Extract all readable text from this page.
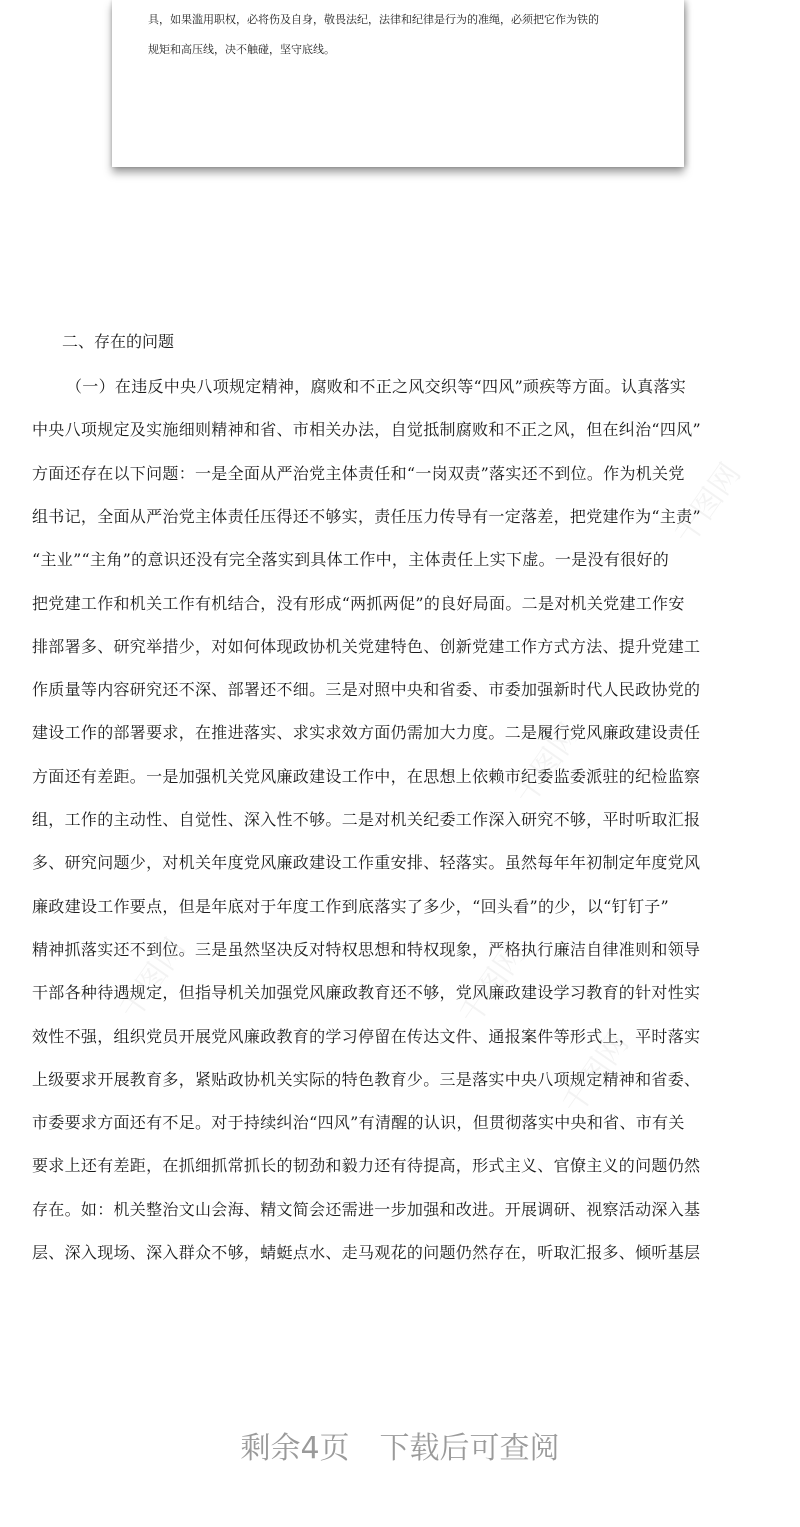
具，如果滥用职权，必将伤及自身，敬畏法纪，法律和纪律是行为的准绳，必须把它作为铁的
规矩和高压线，决不触碰，坚守底线。
二、存在的问题
（一）在违反中央八项规定精神，腐败和不正之风交织等“四风”顽疾等方面。认真落实
中央八项规定及实施细则精神和省、市相关办法，自觉抵制腐败和不正之风，但在纠治“四风”
方面还存在以下问题：一是全面从严治党主体责任和“一岗双责”落实还不到位。作为机关党
组书记，全面从严治党主体责任压得还不够实，责任压力传导有一定落差，把党建作为“主责”
“主业”“主角”的意识还没有完全落实到具体工作中，主体责任上实下虚。一是没有很好的
把党建工作和机关工作有机结合，没有形成“两抓两促”的良好局面。二是对机关党建工作安
排部署多、研究举措少，对如何体现政协机关党建特色、创新党建工作方式方法、提升党建工
作质量等内容研究还不深、部署还不细。三是对照中央和省委、市委加强新时代人民政协党的
建设工作的部署要求，在推进落实、求实求效方面仍需加大力度。二是履行党风廉政建设责任
方面还有差距。一是加强机关党风廉政建设工作中，在思想上依赖市纪委监委派驻的纪检监察
组，工作的主动性、自觉性、深入性不够。二是对机关纪委工作深入研究不够，平时听取汇报
多、研究问题少，对机关年度党风廉政建设工作重安排、轻落实。虽然每年年初制定年度党风
廉政建设工作要点，但是年底对于年度工作到底落实了多少，“回头看”的少，以“钉钉子”
精神抓落实还不到位。三是虽然坚决反对特权思想和特权现象，严格执行廉洁自律准则和领导
干部各种待遇规定，但指导机关加强党风廉政教育还不够，党风廉政建设学习教育的针对性实
效性不强，组织党员开展党风廉政教育的学习停留在传达文件、通报案件等形式上，平时落实
上级要求开展教育多，紧贴政协机关实际的特色教育少。三是落实中央八项规定精神和省委、
市委要求方面还有不足。对于持续纠治“四风”有清醒的认识，但贯彻落实中央和省、市有关
要求上还有差距，在抓细抓常抓长的韧劲和毅力还有待提高，形式主义、官僚主义的问题仍然
存在。如：机关整治文山会海、精文简会还需进一步加强和改进。开展调研、视察活动深入基
层、深入现场、深入群众不够，蜻蜓点水、走马观花的问题仍然存在，听取汇报多、倾听基层
千图网
千图网
千图网
千图网
千图网
剩余4页 下载后可查阅
